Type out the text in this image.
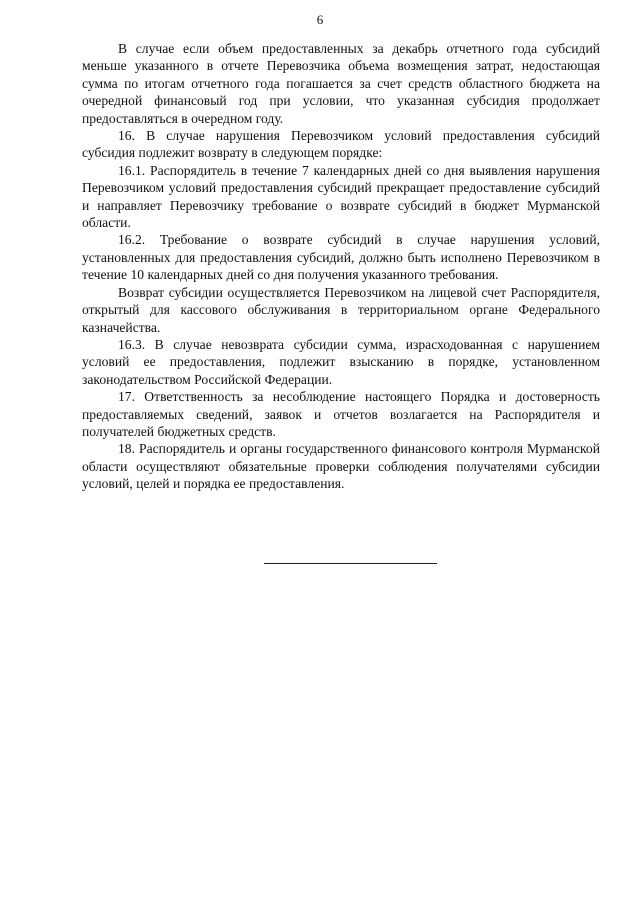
6

В случае если объем предоставленных за декабрь отчетного года субсидий меньше указанного в отчете Перевозчика объема возмещения затрат, недостающая сумма по итогам отчетного года погашается за счет средств областного бюджета на очередной финансовый год при условии, что указанная субсидия продолжает предоставляться в очередном году.

16. В случае нарушения Перевозчиком условий предоставления субсидий субсидия подлежит возврату в следующем порядке:

16.1. Распорядитель в течение 7 календарных дней со дня выявления нарушения Перевозчиком условий предоставления субсидий прекращает предоставление субсидий и направляет Перевозчику требование о возврате субсидий в бюджет Мурманской области.

16.2. Требование о возврате субсидий в случае нарушения условий, установленных для предоставления субсидий, должно быть исполнено Перевозчиком в течение 10 календарных дней со дня получения указанного требования.

Возврат субсидии осуществляется Перевозчиком на лицевой счет Распорядителя, открытый для кассового обслуживания в территориальном органе Федерального казначейства.

16.3. В случае невозврата субсидии сумма, израсходованная с нарушением условий ее предоставления, подлежит взысканию в порядке, установленном законодательством Российской Федерации.

17. Ответственность за несоблюдение настоящего Порядка и достоверность предоставляемых сведений, заявок и отчетов возлагается на Распорядителя и получателей бюджетных средств.

18. Распорядитель и органы государственного финансового контроля Мурманской области осуществляют обязательные проверки соблюдения получателями субсидии условий, целей и порядка ее предоставления.
